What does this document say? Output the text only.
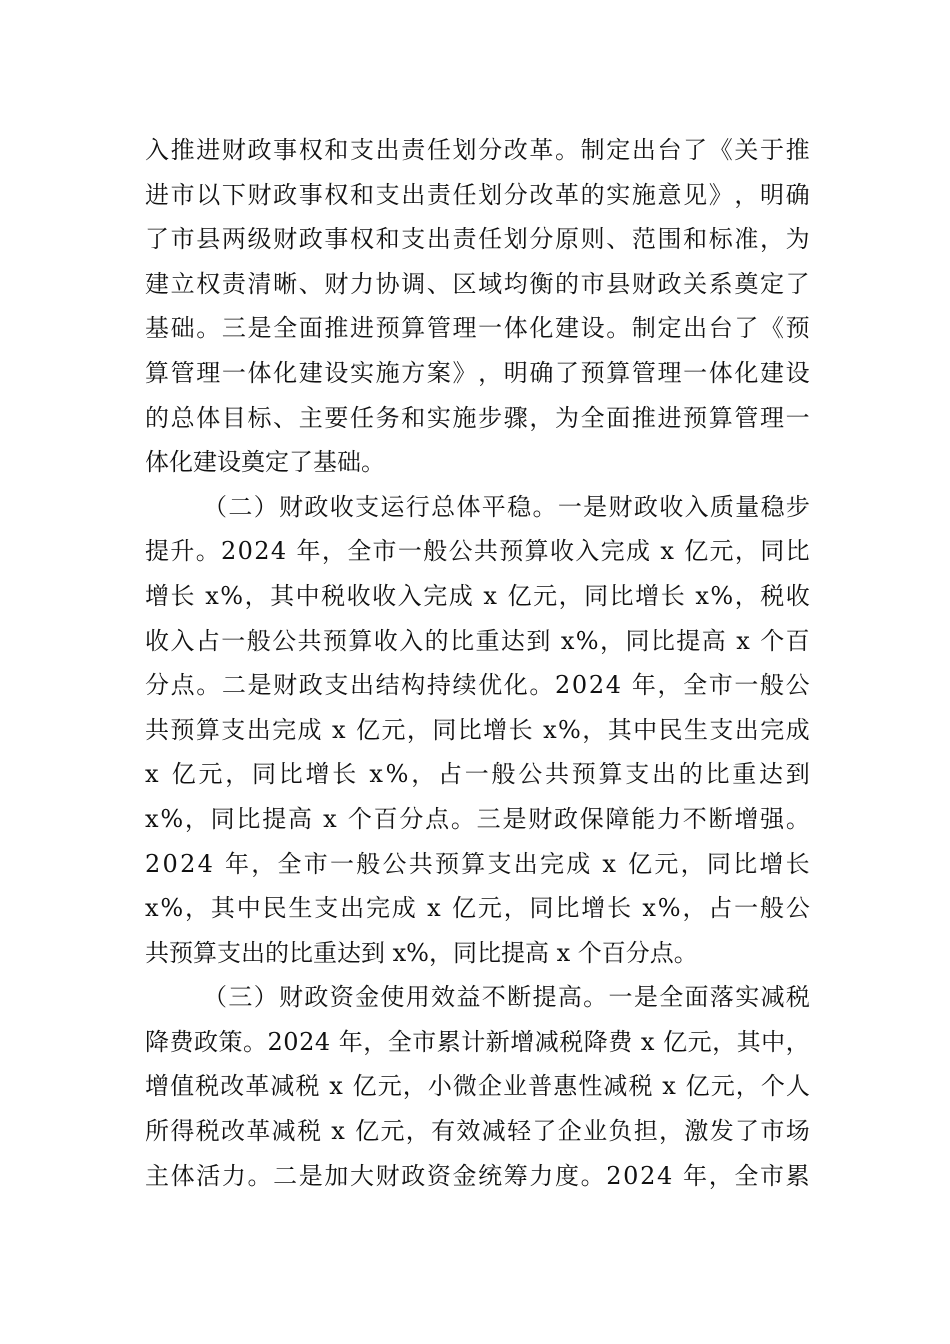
入 推 进 财 政 事 权 和 支 出 责 任 划 分 改 革 。 制 定 出 台 了 《 关 于 推
进 市 以 下 财 政 事 权 和 支 出 责 任 划 分 改 革 的 实 施 意 见 》 ， 明 确
了 市 县 两 级 财 政 事 权 和 支 出 责 任 划 分 原 则 、 范 围 和 标 准 ， 为
建 立 权 责 清 晰 、 财 力 协 调 、 区 域 均 衡 的 市 县 财 政 关 系 奠 定 了
基 础 。 三 是 全 面 推 进 预 算 管 理 一 体 化 建 设 。 制 定 出 台 了 《 预
算 管 理 一 体 化 建 设 实 施 方 案 》 ， 明 确 了 预 算 管 理 一 体 化 建 设
的 总 体 目 标 、 主 要 任 务 和 实 施 步 骤 ， 为 全 面 推 进 预 算 管 理 一
体化建设奠定了基础。
（ 二 ） 财 政 收 支 运 行 总 体 平 稳 。 一 是 财 政 收 入 质 量 稳 步
提 升 。 2 0 2 4
年 ， 全 市 一 般 公 共 预 算 收 入 完 成
x
亿 元 ， 同 比
增 长
x % ， 其 中 税 收 收 入 完 成
x
亿 元 ， 同 比 增 长
x % ， 税 收
收 入 占 一 般 公 共 预 算 收 入 的 比 重 达 到
x % ， 同 比 提 高
x
个 百
分 点 。 二 是 财 政 支 出 结 构 持 续 优 化 。 2 0 2 4
年 ， 全 市 一 般 公
共 预 算 支 出 完 成
x
亿 元 ， 同 比 增 长
x % ， 其 中 民 生 支 出 完 成
x
亿 元 ， 同 比 增 长
x % ， 占 一 般 公 共 预 算 支 出 的 比 重 达 到
x % ， 同 比 提 高
x
个 百 分 点 。 三 是 财 政 保 障 能 力 不 断 增 强 。
2 0 2 4
年 ， 全 市 一 般 公 共 预 算 支 出 完 成
x
亿 元 ， 同 比 增 长
x % ， 其 中 民 生 支 出 完 成
x
亿 元 ， 同 比 增 长
x % ， 占 一 般 公
共预算支出的比重达到 x%，同比提高 x 个百分点。
（ 三 ） 财 政 资 金 使 用 效 益 不 断 提 高 。 一 是 全 面 落 实 减 税
降 费 政 策 。 2 0 2 4
年 ， 全 市 累 计 新 增 减 税 降 费
x
亿 元 ， 其 中 ，
增 值 税 改 革 减 税
x
亿 元 ， 小 微 企 业 普 惠 性 减 税
x
亿 元 ， 个 人
所 得 税 改 革 减 税
x
亿 元 ， 有 效 减 轻 了 企 业 负 担 ， 激 发 了 市 场
主 体 活 力 。 二 是 加 大 财 政 资 金 统 筹 力 度 。 2 0 2 4
年 ， 全 市 累
